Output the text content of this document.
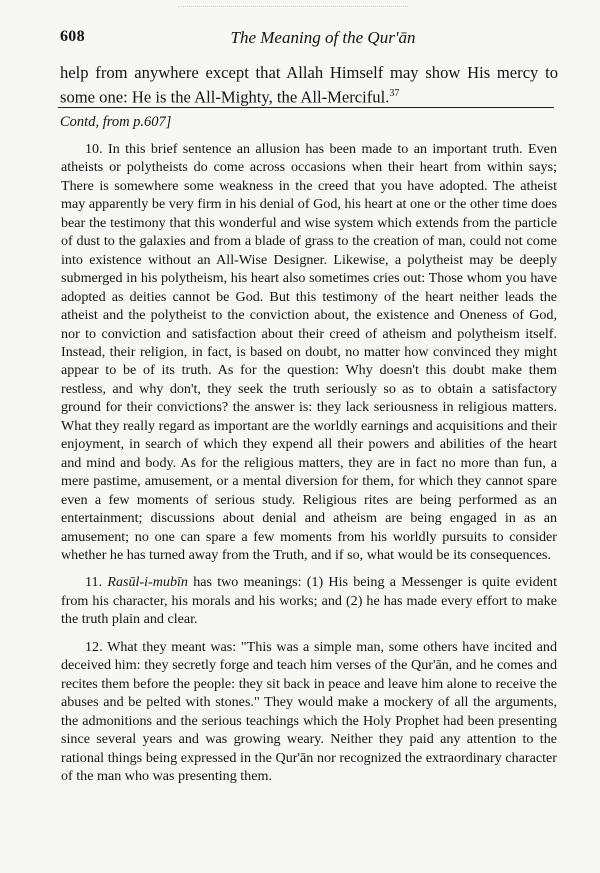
608	The Meaning of the Qur'ān
help from anywhere except that Allah Himself may show His mercy to some one: He is the All-Mighty, the All-Merciful.$^{37}$
Contd, from p.607]

10. In this brief sentence an allusion has been made to an important truth. Even atheists or polytheists do come across occasions when their heart from within says; There is somewhere some weakness in the creed that you have adopted. The atheist may apparently be very firm in his denial of God, his heart at one or the other time does bear the testimony that this wonderful and wise system which extends from the particle of dust to the galaxies and from a blade of grass to the creation of man, could not come into existence without an All-Wise Designer. Likewise, a polytheist may be deeply submerged in his polytheism, his heart also sometimes cries out: Those whom you have adopted as deities cannot be God. But this testimony of the heart neither leads the atheist and the polytheist to the conviction about, the existence and Oneness of God, nor to conviction and satisfaction about their creed of atheism and polytheism itself. Instead, their religion, in fact, is based on doubt, no matter how convinced they might appear to be of its truth. As for the question: Why doesn't this doubt make them restless, and why don't, they seek the truth seriously so as to obtain a satisfactory ground for their convictions? the answer is: they lack seriousness in religious matters. What they really regard as important are the worldly earnings and acquisitions and their enjoyment, in search of which they expend all their powers and abilities of the heart and mind and body. As for the religious matters, they are in fact no more than fun, a mere pastime, amusement, or a mental diversion for them, for which they cannot spare even a few moments of serious study. Religious rites are being performed as an entertainment; discussions about denial and atheism are being engaged in as an amusement; no one can spare a few moments from his worldly pursuits to consider whether he has turned away from the Truth, and if so, what would be its consequences.

11. Rasūl-i-mubīn has two meanings: (1) His being a Messenger is quite evident from his character, his morals and his works; and (2) he has made every effort to make the truth plain and clear.

12. What they meant was: "This was a simple man, some others have incited and deceived him: they secretly forge and teach him verses of the Qur'ān, and he comes and recites them before the people: they sit back in peace and leave him alone to receive the abuses and be pelted with stones." They would make a mockery of all the arguments, the admonitions and the serious teachings which the Holy Prophet had been presenting since several years and was growing weary. Neither they paid any attention to the rational things being expressed in the Qur'ān nor recognized the extraordinary character of the man who was presenting them.
